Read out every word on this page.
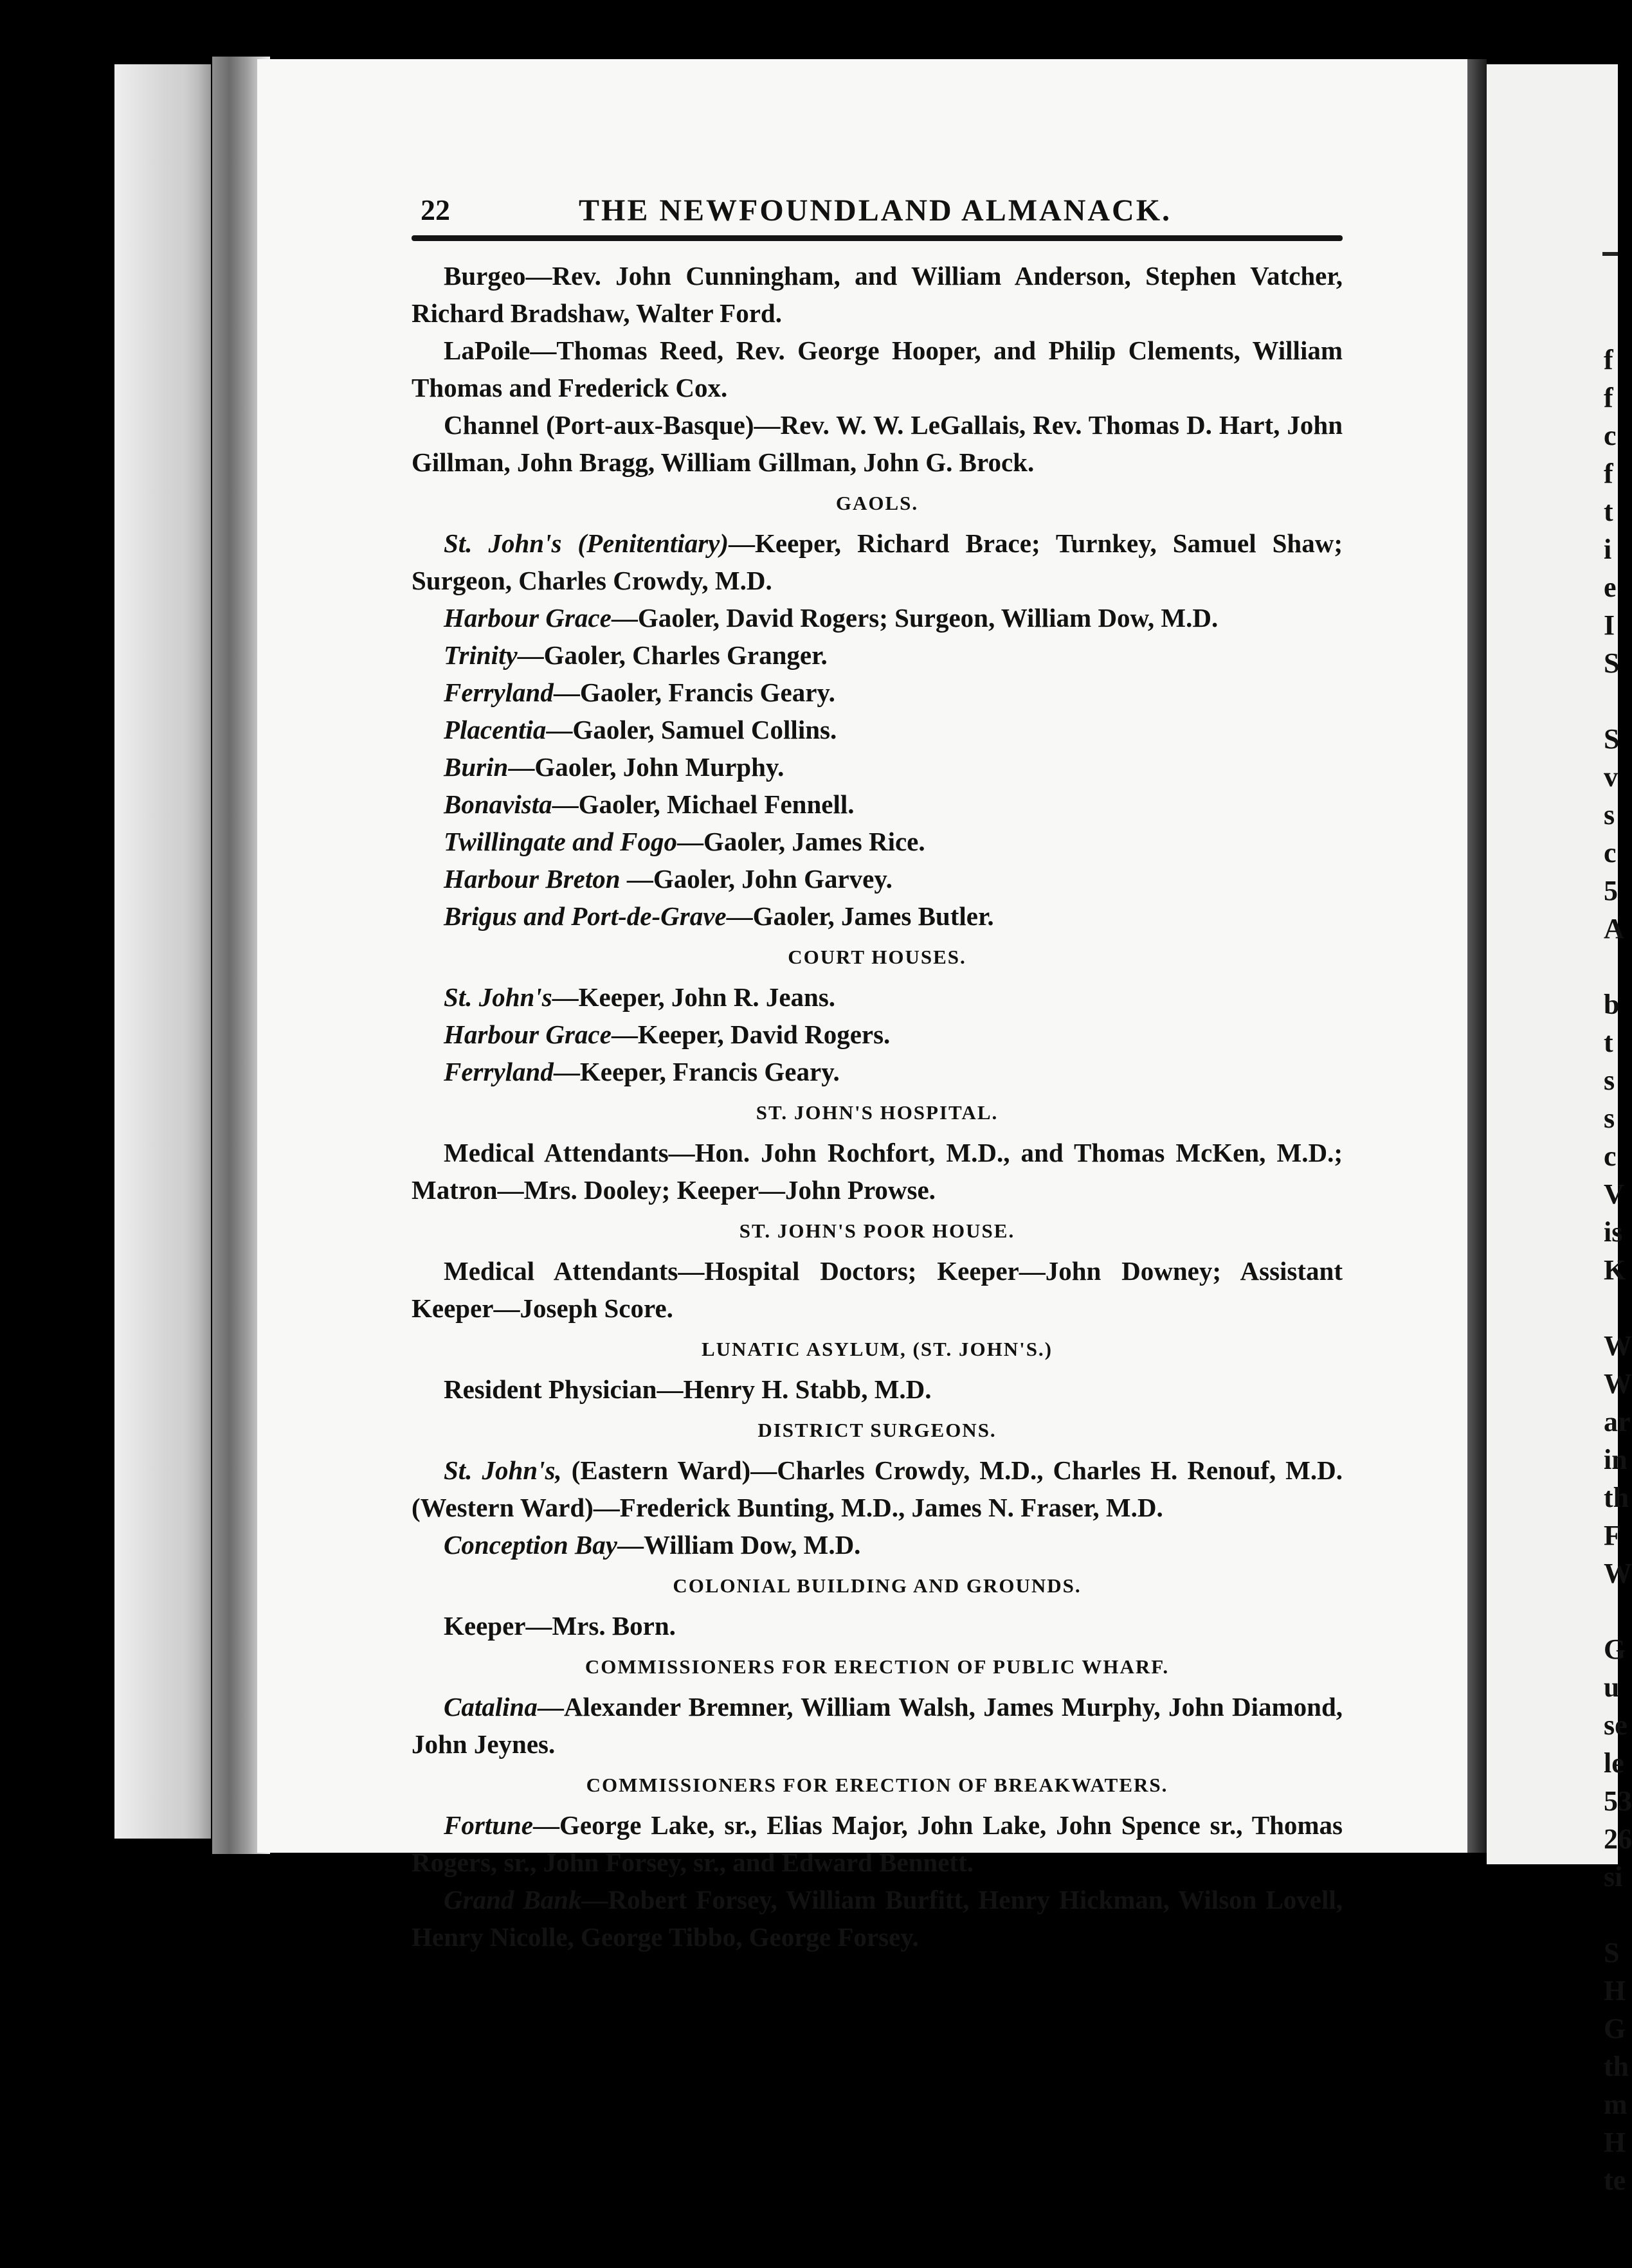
f
f
c
f
t
i
e
I
S
S
v
s
c
5
A
b
t
s
s
c
V
is
K
W
W
ar
in
th
F
W
G
u
se
le
53
26
si
S
H
G
th
m
H
te
22	THE NEWFOUNDLAND ALMANACK.

Burgeo—Rev. John Cunningham, and William Anderson, Stephen Vatcher, Richard Bradshaw, Walter Ford.

LaPoile—Thomas Reed, Rev. George Hooper, and Philip Clements, William Thomas and Frederick Cox.

Channel (Port-aux-Basque)—Rev. W. W. LeGallais, Rev. Thomas D. Hart, John Gillman, John Bragg, William Gillman, John G. Brock.

GAOLS.

St. John's (Penitentiary)—Keeper, Richard Brace; Turnkey, Samuel Shaw; Surgeon, Charles Crowdy, M.D.

Harbour Grace—Gaoler, David Rogers; Surgeon, William Dow, M.D.

Trinity—Gaoler, Charles Granger.

Ferryland—Gaoler, Francis Geary.

Placentia—Gaoler, Samuel Collins.

Burin—Gaoler, John Murphy.

Bonavista—Gaoler, Michael Fennell.

Twillingate and Fogo—Gaoler, James Rice.

Harbour Breton —Gaoler, John Garvey.

Brigus and Port-de-Grave—Gaoler, James Butler.

COURT HOUSES.

St. John's—Keeper, John R. Jeans.

Harbour Grace—Keeper, David Rogers.

Ferryland—Keeper, Francis Geary.

ST. JOHN'S HOSPITAL.

Medical Attendants—Hon. John Rochfort, M.D., and Thomas McKen, M.D.; Matron—Mrs. Dooley; Keeper—John Prowse.

ST. JOHN'S POOR HOUSE.

Medical Attendants—Hospital Doctors; Keeper—John Downey; Assistant Keeper—Joseph Score.

LUNATIC ASYLUM, (ST. JOHN'S.)

Resident Physician—Henry H. Stabb, M.D.

DISTRICT SURGEONS.

St. John's, (Eastern Ward)—Charles Crowdy, M.D., Charles H. Renouf, M.D. (Western Ward)—Frederick Bunting, M.D., James N. Fraser, M.D.

Conception Bay—William Dow, M.D.

COLONIAL BUILDING AND GROUNDS.

Keeper—Mrs. Born.

COMMISSIONERS FOR ERECTION OF PUBLIC WHARF.

Catalina—Alexander Bremner, William Walsh, James Murphy, John Diamond, John Jeynes.

COMMISSIONERS FOR ERECTION OF BREAKWATERS.

Fortune—George Lake, sr., Elias Major, John Lake, John Spence sr., Thomas Rogers, sr., John Forsey, sr., and Edward Bennett.

Grand Bank—Robert Forsey, William Burfitt, Henry Hickman, Wilson Lovell, Henry Nicolle, George Tibbo, George Forsey.
